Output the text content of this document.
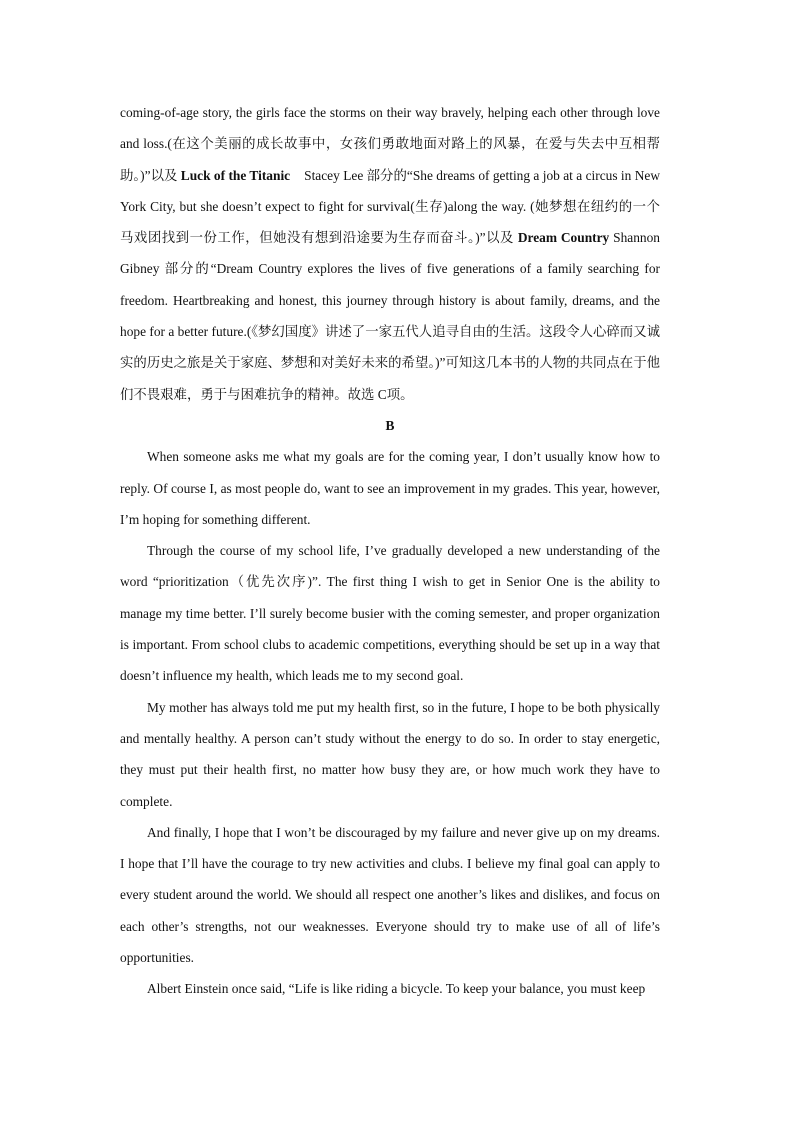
coming-of-age story, the girls face the storms on their way bravely, helping each other through love and loss.(在这个美丽的成长故事中，女孩们勇敢地面对路上的风暴，在爱与失去中互相帮助。)”以及 Luck of the Titanic Stacey Lee 部分的“She dreams of getting a job at a circus in New York City, but she doesn’t expect to fight for survival(生存)along the way. (她梦想在纽约的一个马戏团找到一份工作，但她没有想到沿途要为生存而奋斗。)”以及 Dream Country Shannon Gibney 部分的“Dream Country explores the lives of five generations of a family searching for freedom. Heartbreaking and honest, this journey through history is about family, dreams, and the hope for a better future.(《梦幻国度》讲述了一家五代人追寻自由的生活。这段令人心碎而又诚实的历史之旅是关于家庭、梦想和对美好未来的希望。)”可知这几本书的人物的共同点在于他们不畏艰难，勇于与困难抗争的精神。故选 C项。

B

When someone asks me what my goals are for the coming year, I don’t usually know how to reply. Of course I, as most people do, want to see an improvement in my grades. This year, however, I’m hoping for something different.

Through the course of my school life, I’ve gradually developed a new understanding of the word “prioritization（优先次序)”. The first thing I wish to get in Senior One is the ability to manage my time better. I’ll surely become busier with the coming semester, and proper organization is important. From school clubs to academic competitions, everything should be set up in a way that doesn’t influence my health, which leads me to my second goal.

My mother has always told me put my health first, so in the future, I hope to be both physically and mentally healthy. A person can’t study without the energy to do so. In order to stay energetic, they must put their health first, no matter how busy they are, or how much work they have to complete.

And finally, I hope that I won’t be discouraged by my failure and never give up on my dreams. I hope that I’ll have the courage to try new activities and clubs. I believe my final goal can apply to every student around the world. We should all respect one another’s likes and dislikes, and focus on each other’s strengths, not our weaknesses. Everyone should try to make use of all of life’s opportunities.

Albert Einstein once said, “Life is like riding a bicycle. To keep your balance, you must keep
